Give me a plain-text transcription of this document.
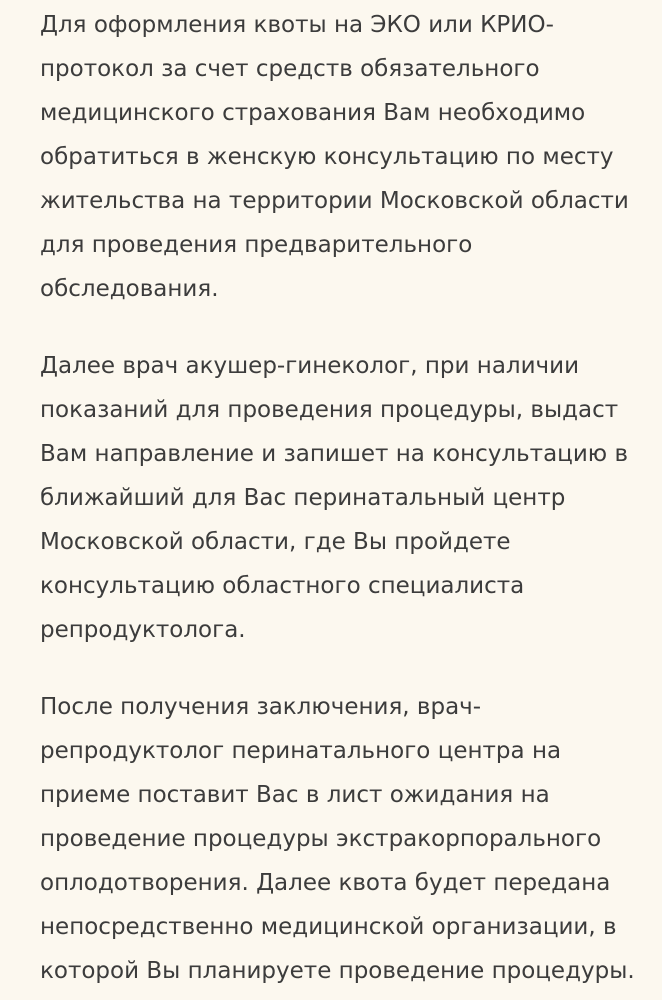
Для оформления квоты на ЭКО или КРИО-
протокол за счет средств обязательного
медицинского страхования Вам необходимо
обратиться в женскую консультацию по месту
жительства на территории Московской области
для проведения предварительного
обследования.
Далее врач акушер-гинеколог, при наличии
показаний для проведения процедуры, выдаст
Вам направление и запишет на консультацию в
ближайший для Вас перинатальный центр
Московской области, где Вы пройдете
консультацию областного специалиста
репродуктолога.
После получения заключения, врач-
репродуктолог перинатального центра на
приеме поставит Вас в лист ожидания на
проведение процедуры экстракорпорального
оплодотворения. Далее квота будет передана
непосредственно медицинской организации, в
которой Вы планируете проведение процедуры.
